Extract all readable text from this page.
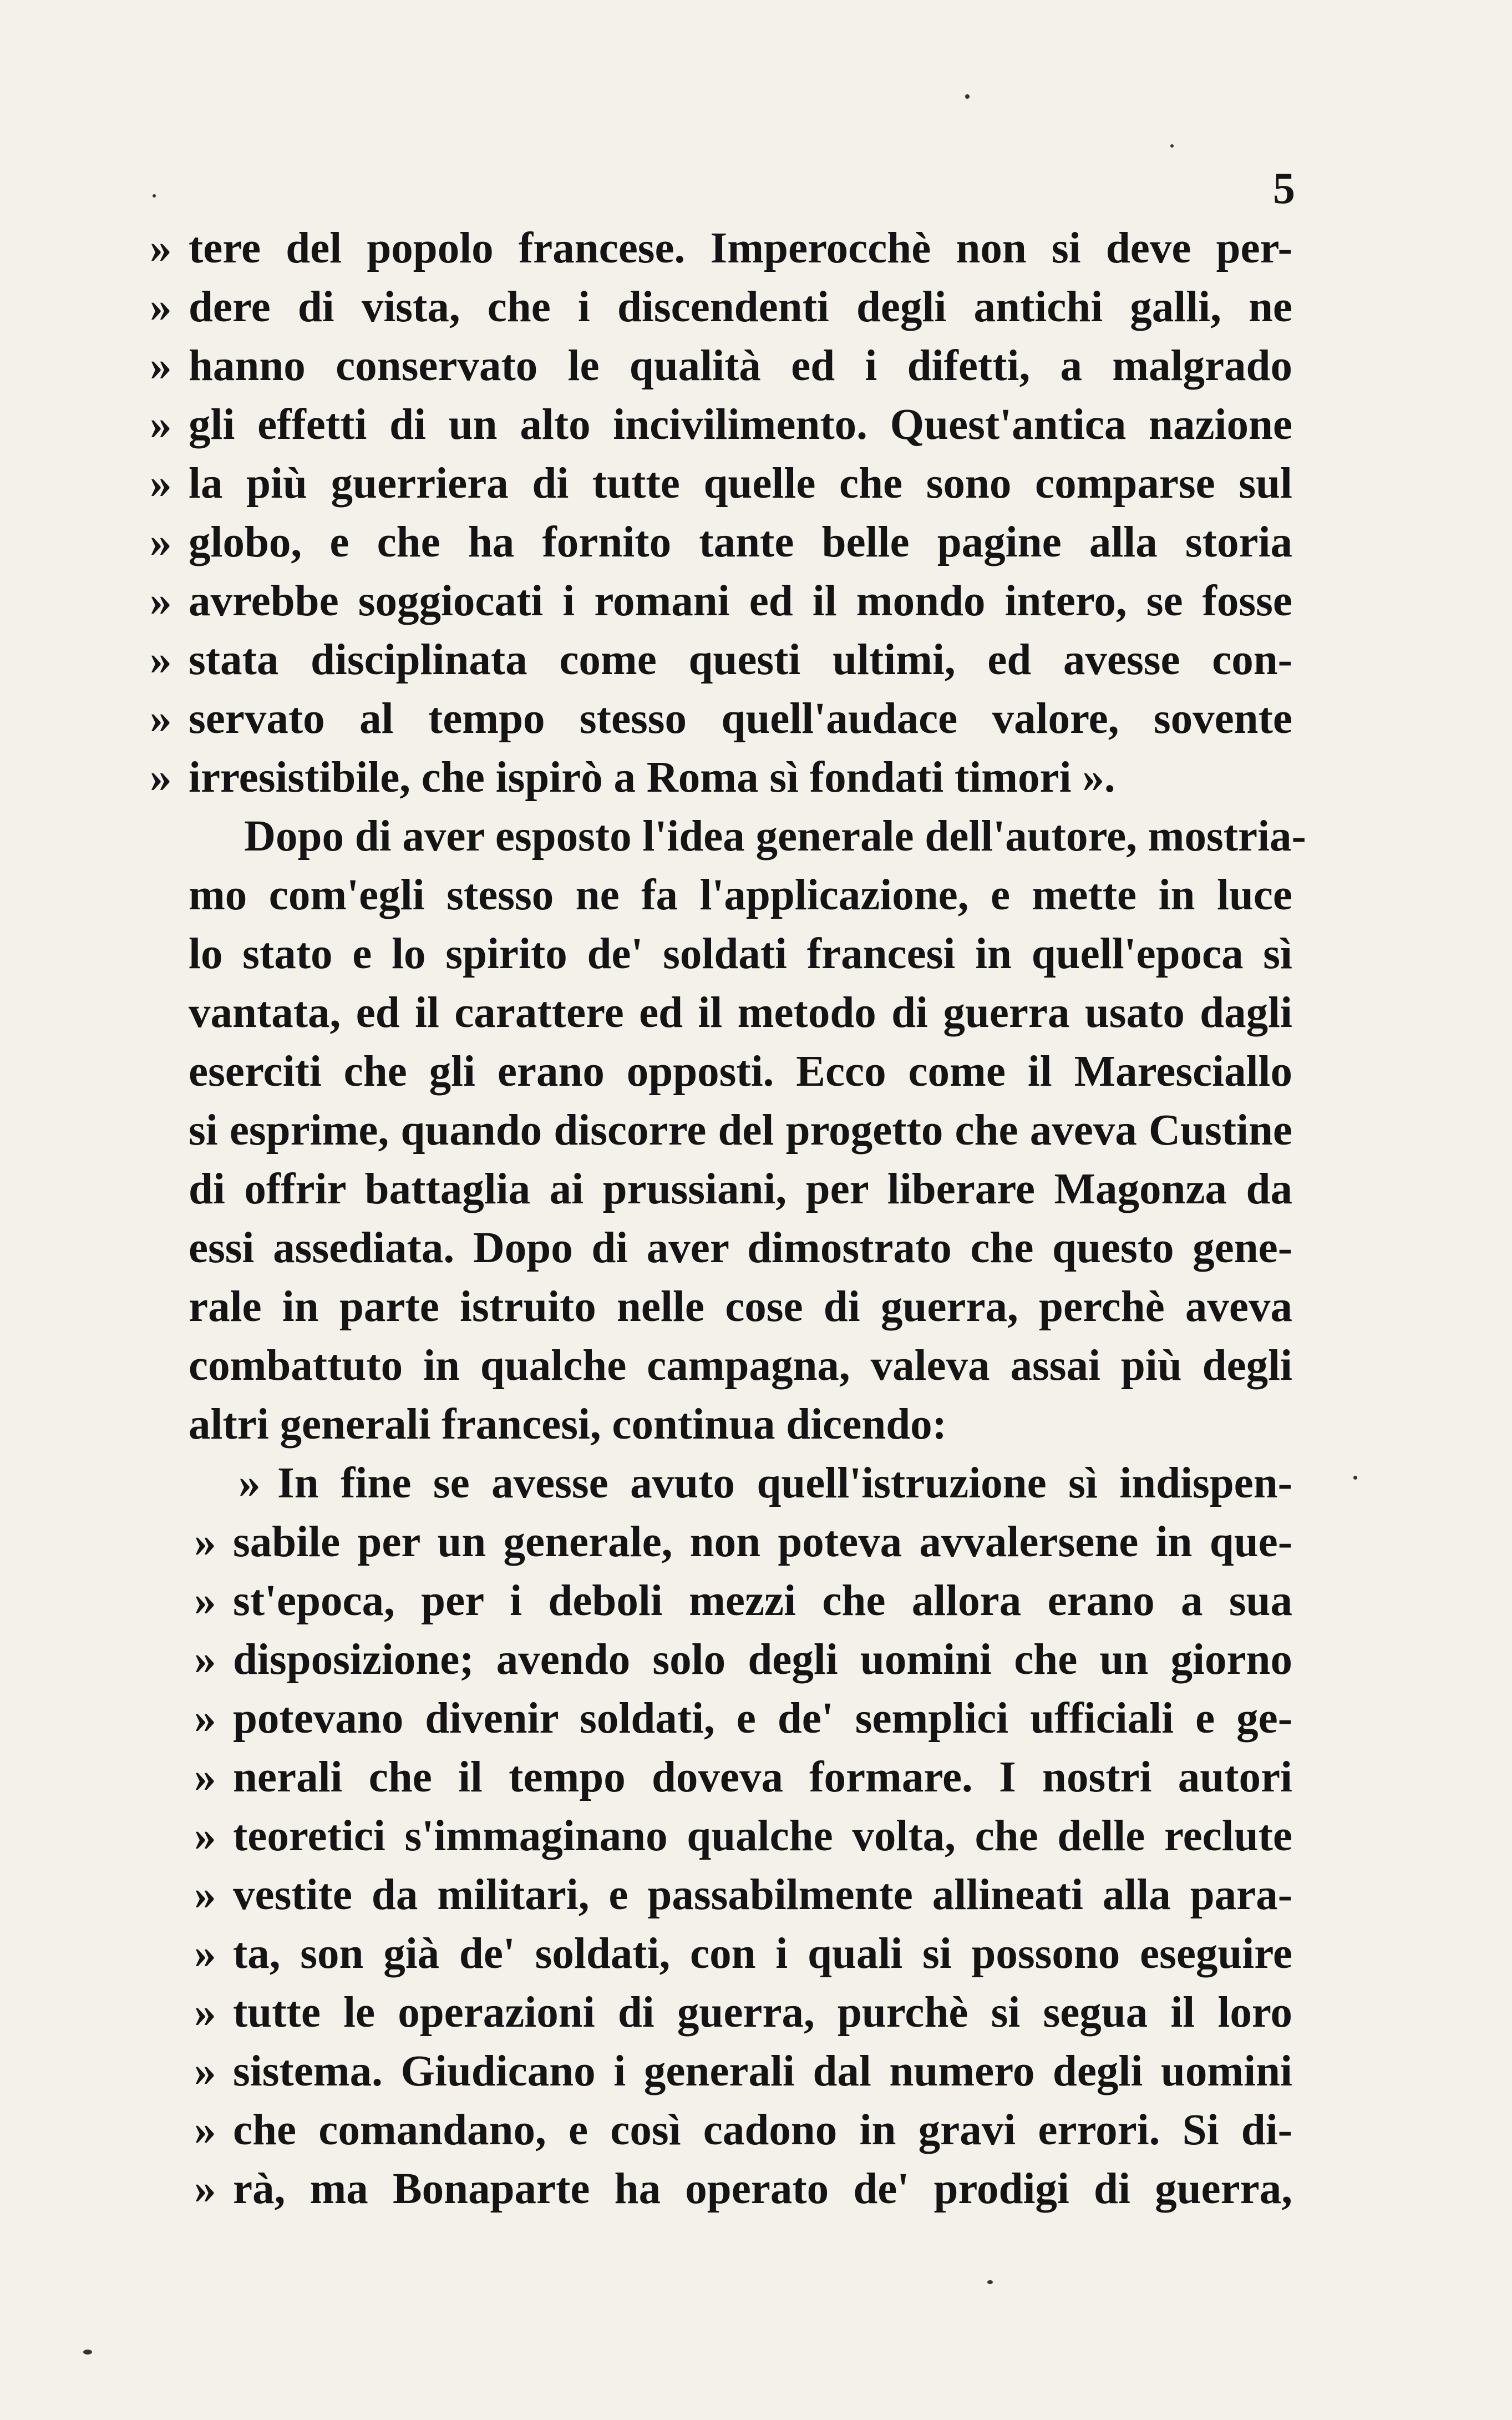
5
» tere del popolo francese. Imperocchè non si deve per-
» dere di vista, che i discendenti degli antichi galli, ne
» hanno conservato le qualità ed i difetti, a malgrado
» gli effetti di un alto incivilimento. Quest'antica nazione
» la più guerriera di tutte quelle che sono comparse sul
» globo, e che ha fornito tante belle pagine alla storia
» avrebbe soggiocati i romani ed il mondo intero, se fosse
» stata disciplinata come questi ultimi, ed avesse con-
» servato al tempo stesso quell'audace valore, sovente
» irresistibile, che ispirò a Roma sì fondati timori ».
Dopo di aver esposto l'idea generale dell'autore, mostria-
mo com'egli stesso ne fa l'applicazione, e mette in luce
lo stato e lo spirito de' soldati francesi in quell'epoca sì
vantata, ed il carattere ed il metodo di guerra usato dagli
eserciti che gli erano opposti. Ecco come il Maresciallo
si esprime, quando discorre del progetto che aveva Custine
di offrir battaglia ai prussiani, per liberare Magonza da
essi assediata. Dopo di aver dimostrato che questo gene-
rale in parte istruito nelle cose di guerra, perchè aveva
combattuto in qualche campagna, valeva assai più degli
altri generali francesi, continua dicendo:
» In fine se avesse avuto quell'istruzione sì indispen-
» sabile per un generale, non poteva avvalersene in que-
» st'epoca, per i deboli mezzi che allora erano a sua
» disposizione; avendo solo degli uomini che un giorno
» potevano divenir soldati, e de' semplici ufficiali e ge-
» nerali che il tempo doveva formare. I nostri autori
» teoretici s'immaginano qualche volta, che delle reclute
» vestite da militari, e passabilmente allineati alla para-
» ta, son già de' soldati, con i quali si possono eseguire
» tutte le operazioni di guerra, purchè si segua il loro
» sistema. Giudicano i generali dal numero degli uomini
» che comandano, e così cadono in gravi errori. Si di-
» rà, ma Bonaparte ha operato de' prodigi di guerra,
